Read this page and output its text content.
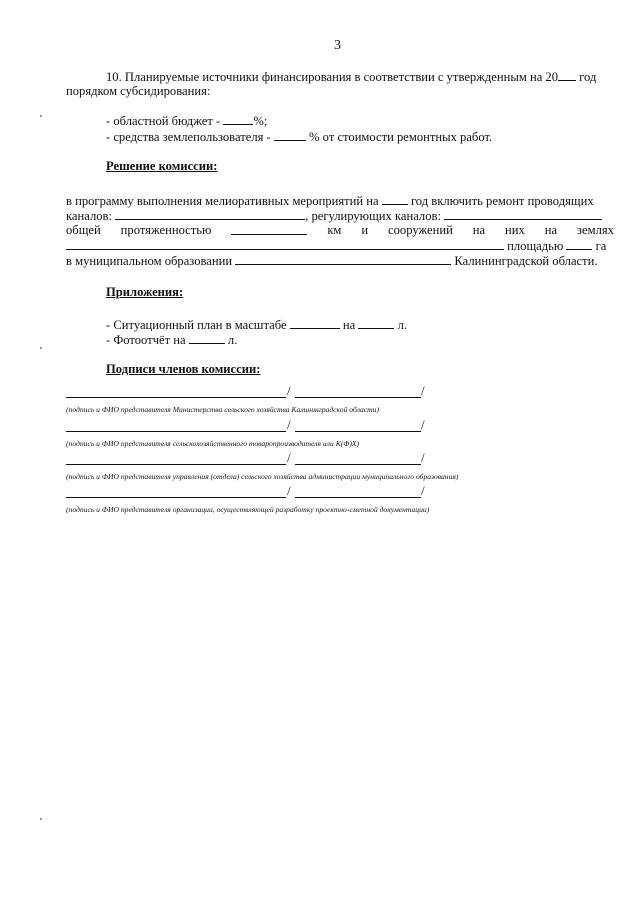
3
10. Планируемые источники финансирования в соответствии с утвержденным на 20 год
порядком субсидирования:
- областной бюджет -	%;
- средства землепользователя -	% от стоимости ремонтных работ.
Решение комиссии:
в программу выполнения мелиоративных мероприятий на	год включить ремонт проводящих
каналов:	, регулирующих каналов:
общей протяженностью	км и сооружений на них на землях
площадью	га
в муниципальном образовании	Калининградской области.
Приложения:
- Ситуационный план в масштабе	на	л.
- Фотоотчёт на	л.
Подписи членов комиссии:
/	/
(подпись и ФИО представителя Министерства сельского хозяйства Калининградской области)
/	/
(подпись и ФИО представителя сельскохозяйственного товаропроизводителя или К(Ф)Х)
/	/
(подпись и ФИО представителя управления (отдела) сельского хозяйства администрации муниципального образования)
/	/
(подпись и ФИО представителя организации, осуществляющей разработку проектно-сметной документации)
